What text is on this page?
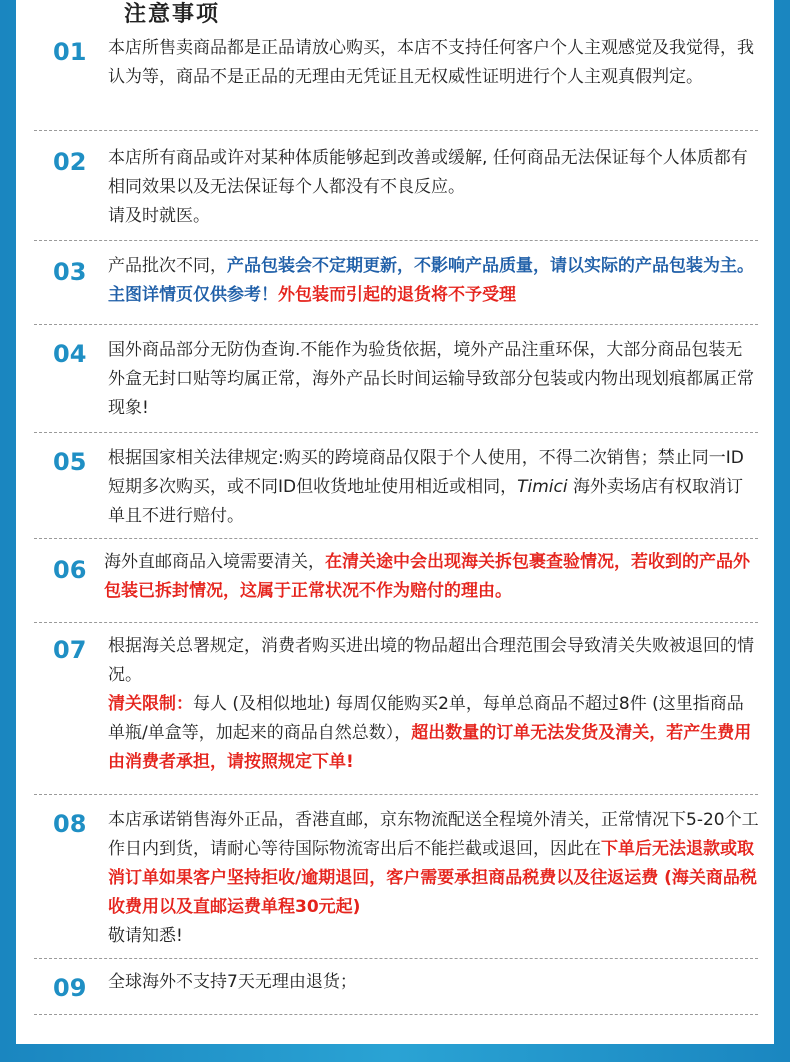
注意事项
01 本店所售卖商品都是正品请放心购买，本店不支持任何客户个人主观感觉及我觉得，我认为等，商品不是正品的无理由无凭证且无权威性证明进行个人主观真假判定。
02 本店所有商品或许对某种体质能够起到改善或缓解, 任何商品无法保证每个人体质都有相同效果以及无法保证每个人都没有不良反应。
请及时就医。
03 产品批次不同，产品包装会不定期更新，不影响产品质量，请以实际的产品包装为主。主图详情页仅供参考！外包装而引起的退货将不予受理
04 国外商品部分无防伪查询.不能作为验货依据，境外产品注重环保，大部分商品包装无外盒无封口贴等均属正常，海外产品长时间运输导致部分包装或内物出现划痕都属正常现象!
05 根据国家相关法律规定:购买的跨境商品仅限于个人使用，不得二次销售；禁止同一ID短期多次购买，或不同ID但收货地址使用相近或相同，Timici 海外卖场店有权取消订单且不进行赔付。
06 海外直邮商品入境需要清关，在清关途中会出现海关拆包裹查验情况，若收到的产品外包装已拆封情况，这属于正常状况不作为赔付的理由。
07 根据海关总署规定，消费者购买进出境的物品超出合理范围会导致清关失败被退回的情况。
清关限制：每人 (及相似地址) 每周仅能购买2单，每单总商品不超过8件 (这里指商品单瓶/单盒等，加起来的商品自然总数），超出数量的订单无法发货及清关，若产生费用由消费者承担，请按照规定下单!
08 本店承诺销售海外正品，香港直邮，京东物流配送全程境外清关，正常情况下5-20个工作日内到货，请耐心等待国际物流寄出后不能拦截或退回，因此在下单后无法退款或取消订单如果客户坚持拒收/逾期退回，客户需要承担商品税费以及往返运费 (海关商品税收费用以及直邮运费单程30元起)
敬请知悉!
09 全球海外不支持7天无理由退货；
